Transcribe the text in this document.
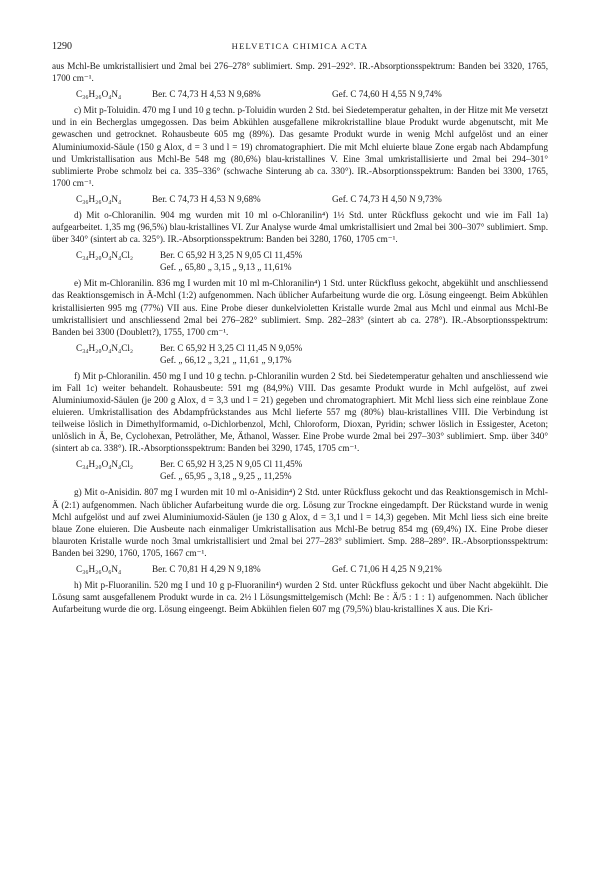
1290	HELVETICA CHIMICA ACTA

aus Mchl-Be umkristallisiert und 2mal bei 276–278° sublimiert. Smp. 291–292°. IR.-Absorptionsspektrum: Banden bei 3320, 1765, 1700 cm⁻¹.

C₃₆H₂₆O₄N₄	Ber. C 74,73 H 4,53 N 9,68%	Gef. C 74,60 H 4,55 N 9,74%

c) Mit p-Toluidin. 470 mg I und 10 g techn. p-Toluidin wurden 2 Std. bei Siedetemperatur gehalten, in der Hitze mit Me versetzt und in ein Becherglas umgegossen. Das beim Abkühlen ausgefallene mikrokristalline blaue Produkt wurde abgenutscht, mit Me gewaschen und getrocknet. Rohausbeute 605 mg (89%). Das gesamte Produkt wurde in wenig Mchl aufgelöst und an einer Aluminiumoxid-Säule (150 g Alox, d = 3 und l = 19) chromatographiert. Die mit Mchl eluierte blaue Zone ergab nach Abdampfung und Umkristallisation aus Mchl-Be 548 mg (80,6%) blau-kristallines V. Eine 3mal umkristallisierte und 2mal bei 294–301° sublimierte Probe schmolz bei ca. 335–336° (schwache Sinterung ab ca. 330°). IR.-Absorptionsspektrum: Banden bei 3300, 1765, 1700 cm⁻¹.

C₃₆H₂₆O₄N₄	Ber. C 74,73 H 4,53 N 9,68%	Gef. C 74,73 H 4,50 N 9,73%

d) Mit o-Chloranilin. 904 mg wurden mit 10 ml o-Chloranilin⁴) 1½ Std. unter Rückfluss gekocht und wie im Fall 1a) aufgearbeitet. 1,35 mg (96,5%) blau-kristallines VI. Zur Analyse wurde 4mal umkristallisiert und 2mal bei 300–307° sublimiert. Smp. über 340° (sintert ab ca. 325°). IR.-Absorptionsspektrum: Banden bei 3280, 1760, 1705 cm⁻¹.

C₃₄H₂₀O₄N₄Cl₂	Ber. C 65,92 H 3,25 N 9,05 Cl 11,45%
Gef. „ 65,80 „ 3,15 „ 9,13 „ 11,61%

e) Mit m-Chloranilin. 836 mg I wurden mit 10 ml m-Chloranilin⁴) 1 Std. unter Rückfluss gekocht, abgekühlt und anschliessend das Reaktionsgemisch in Ä-Mchl (1:2) aufgenommen. Nach üblicher Aufarbeitung wurde die org. Lösung eingeengt. Beim Abkühlen kristallisierten 995 mg (77%) VII aus. Eine Probe dieser dunkelvioletten Kristalle wurde 2mal aus Mchl und einmal aus Mchl-Be umkristallisiert und anschliessend 2mal bei 276–282° sublimiert. Smp. 282–283° (sintert ab ca. 278°). IR.-Absorptionsspektrum: Banden bei 3300 (Doublett?), 1755, 1700 cm⁻¹.

C₃₄H₂₀O₄N₄Cl₂	Ber. C 65,92 H 3,25 Cl 11,45 N 9,05%
Gef. „ 66,12 „ 3,21 „ 11,61 „ 9,17%

f) Mit p-Chloranilin. 450 mg I und 10 g techn. p-Chloranilin wurden 2 Std. bei Siedetemperatur gehalten und anschliessend wie im Fall 1c) weiter behandelt. Rohausbeute: 591 mg (84,9%) VIII. Das gesamte Produkt wurde in Mchl aufgelöst, auf zwei Aluminiumoxid-Säulen (je 200 g Alox, d = 3,3 und l = 21) gegeben und chromatographiert. Mit Mchl liess sich eine reinblaue Zone eluieren. Umkristallisation des Abdampfrückstandes aus Mchl lieferte 557 mg (80%) blau-kristallines VIII. Die Verbindung ist teilweise löslich in Dimethylformamid, o-Dichlorbenzol, Mchl, Chloroform, Dioxan, Pyridin; schwer löslich in Essigester, Aceton; unlöslich in Ä, Be, Cyclohexan, Petroläther, Me, Äthanol, Wasser. Eine Probe wurde 2mal bei 297–303° sublimiert. Smp. über 340° (sintert ab ca. 338°). IR.-Absorptionsspektrum: Banden bei 3290, 1745, 1705 cm⁻¹.

C₃₄H₂₀O₄N₄Cl₂	Ber. C 65,92 H 3,25 N 9,05 Cl 11,45%
Gef. „ 65,95 „ 3,18 „ 9,25 „ 11,25%

g) Mit o-Anisidin. 807 mg I wurden mit 10 ml o-Anisidin⁴) 2 Std. unter Rückfluss gekocht und das Reaktionsgemisch in Mchl-Ä (2:1) aufgenommen. Nach üblicher Aufarbeitung wurde die org. Lösung zur Trockne eingedampft. Der Rückstand wurde in wenig Mchl aufgelöst und auf zwei Aluminiumoxid-Säulen (je 130 g Alox, d = 3,1 und l = 14,3) gegeben. Mit Mchl liess sich eine breite blaue Zone eluieren. Die Ausbeute nach einmaliger Umkristallisation aus Mchl-Be betrug 854 mg (69,4%) IX. Eine Probe dieser blauroten Kristalle wurde noch 3mal umkristallisiert und 2mal bei 277–283° sublimiert. Smp. 288–289°. IR.-Absorptionsspektrum: Banden bei 3290, 1760, 1705, 1667 cm⁻¹.

C₃₆H₂₆O₆N₄	Ber. C 70,81 H 4,29 N 9,18%	Gef. C 71,06 H 4,25 N 9,21%

h) Mit p-Fluoranilin. 520 mg I und 10 g p-Fluoranilin⁴) wurden 2 Std. unter Rückfluss gekocht und über Nacht abgekühlt. Die Lösung samt ausgefallenem Produkt wurde in ca. 2½ l Lösungsmittelgemisch (Mchl: Be : Ä/5 : 1 : 1) aufgenommen. Nach üblicher Aufarbeitung wurde die org. Lösung eingeengt. Beim Abkühlen fielen 607 mg (79,5%) blau-kristallines X aus. Die Kri-
